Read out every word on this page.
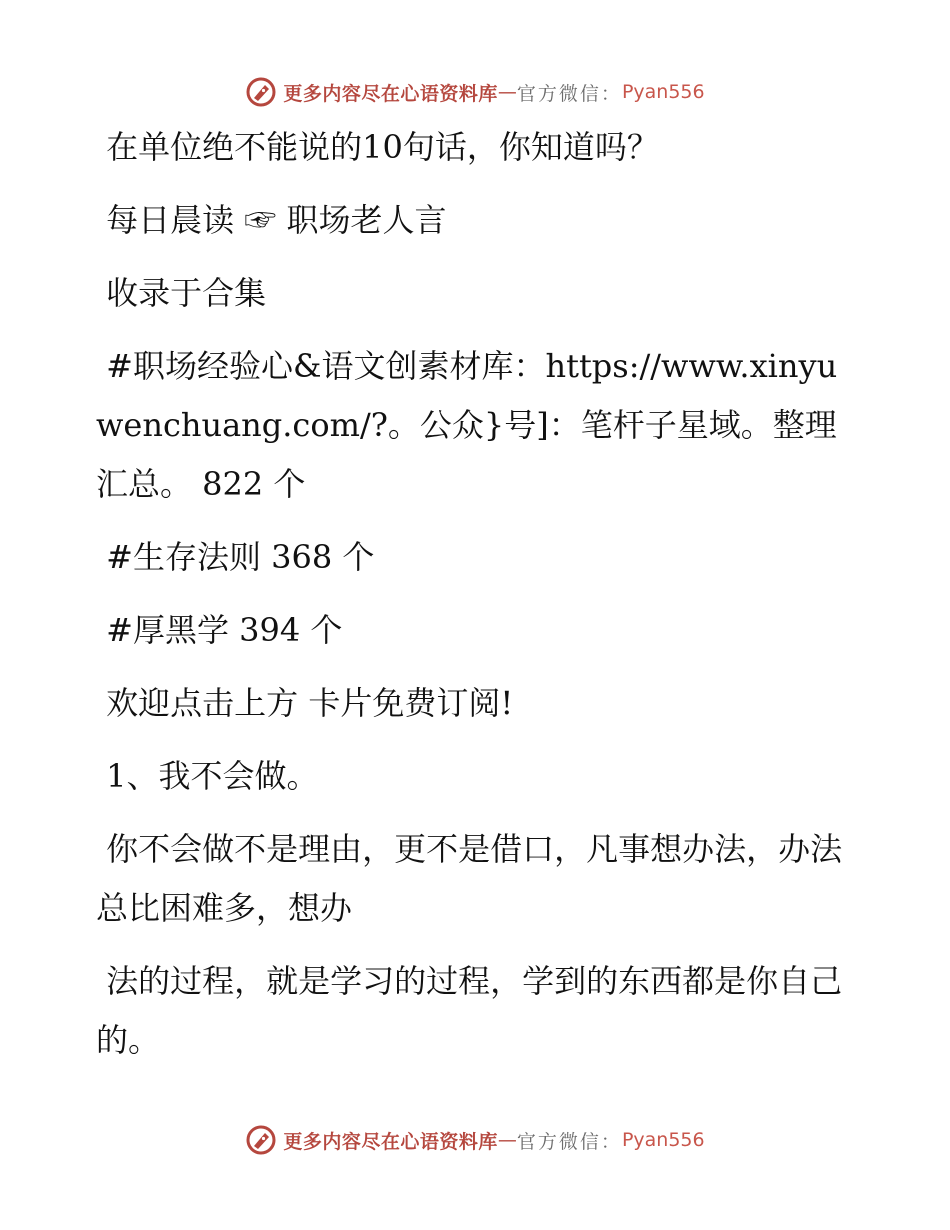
更多内容尽在心语资料库 — 官方微信： Pyan556

在单位绝不能说的10句话，你知道吗？

每日晨读 ☞ 职场老人言

收录于合集

#职场经验心&语文创素材库：https://www.xinyuwenchuang.com/?。公众}号]：笔杆子星域。整理汇总。 822 个

#生存法则 368 个

#厚黑学 394 个

欢迎点击上方 卡片免费订阅!

1、我不会做。

你不会做不是理由，更不是借口，凡事想办法，办法总比困难多，想办

法的过程，就是学习的过程，学到的东西都是你自己的。

更多内容尽在心语资料库 — 官方微信： Pyan556
